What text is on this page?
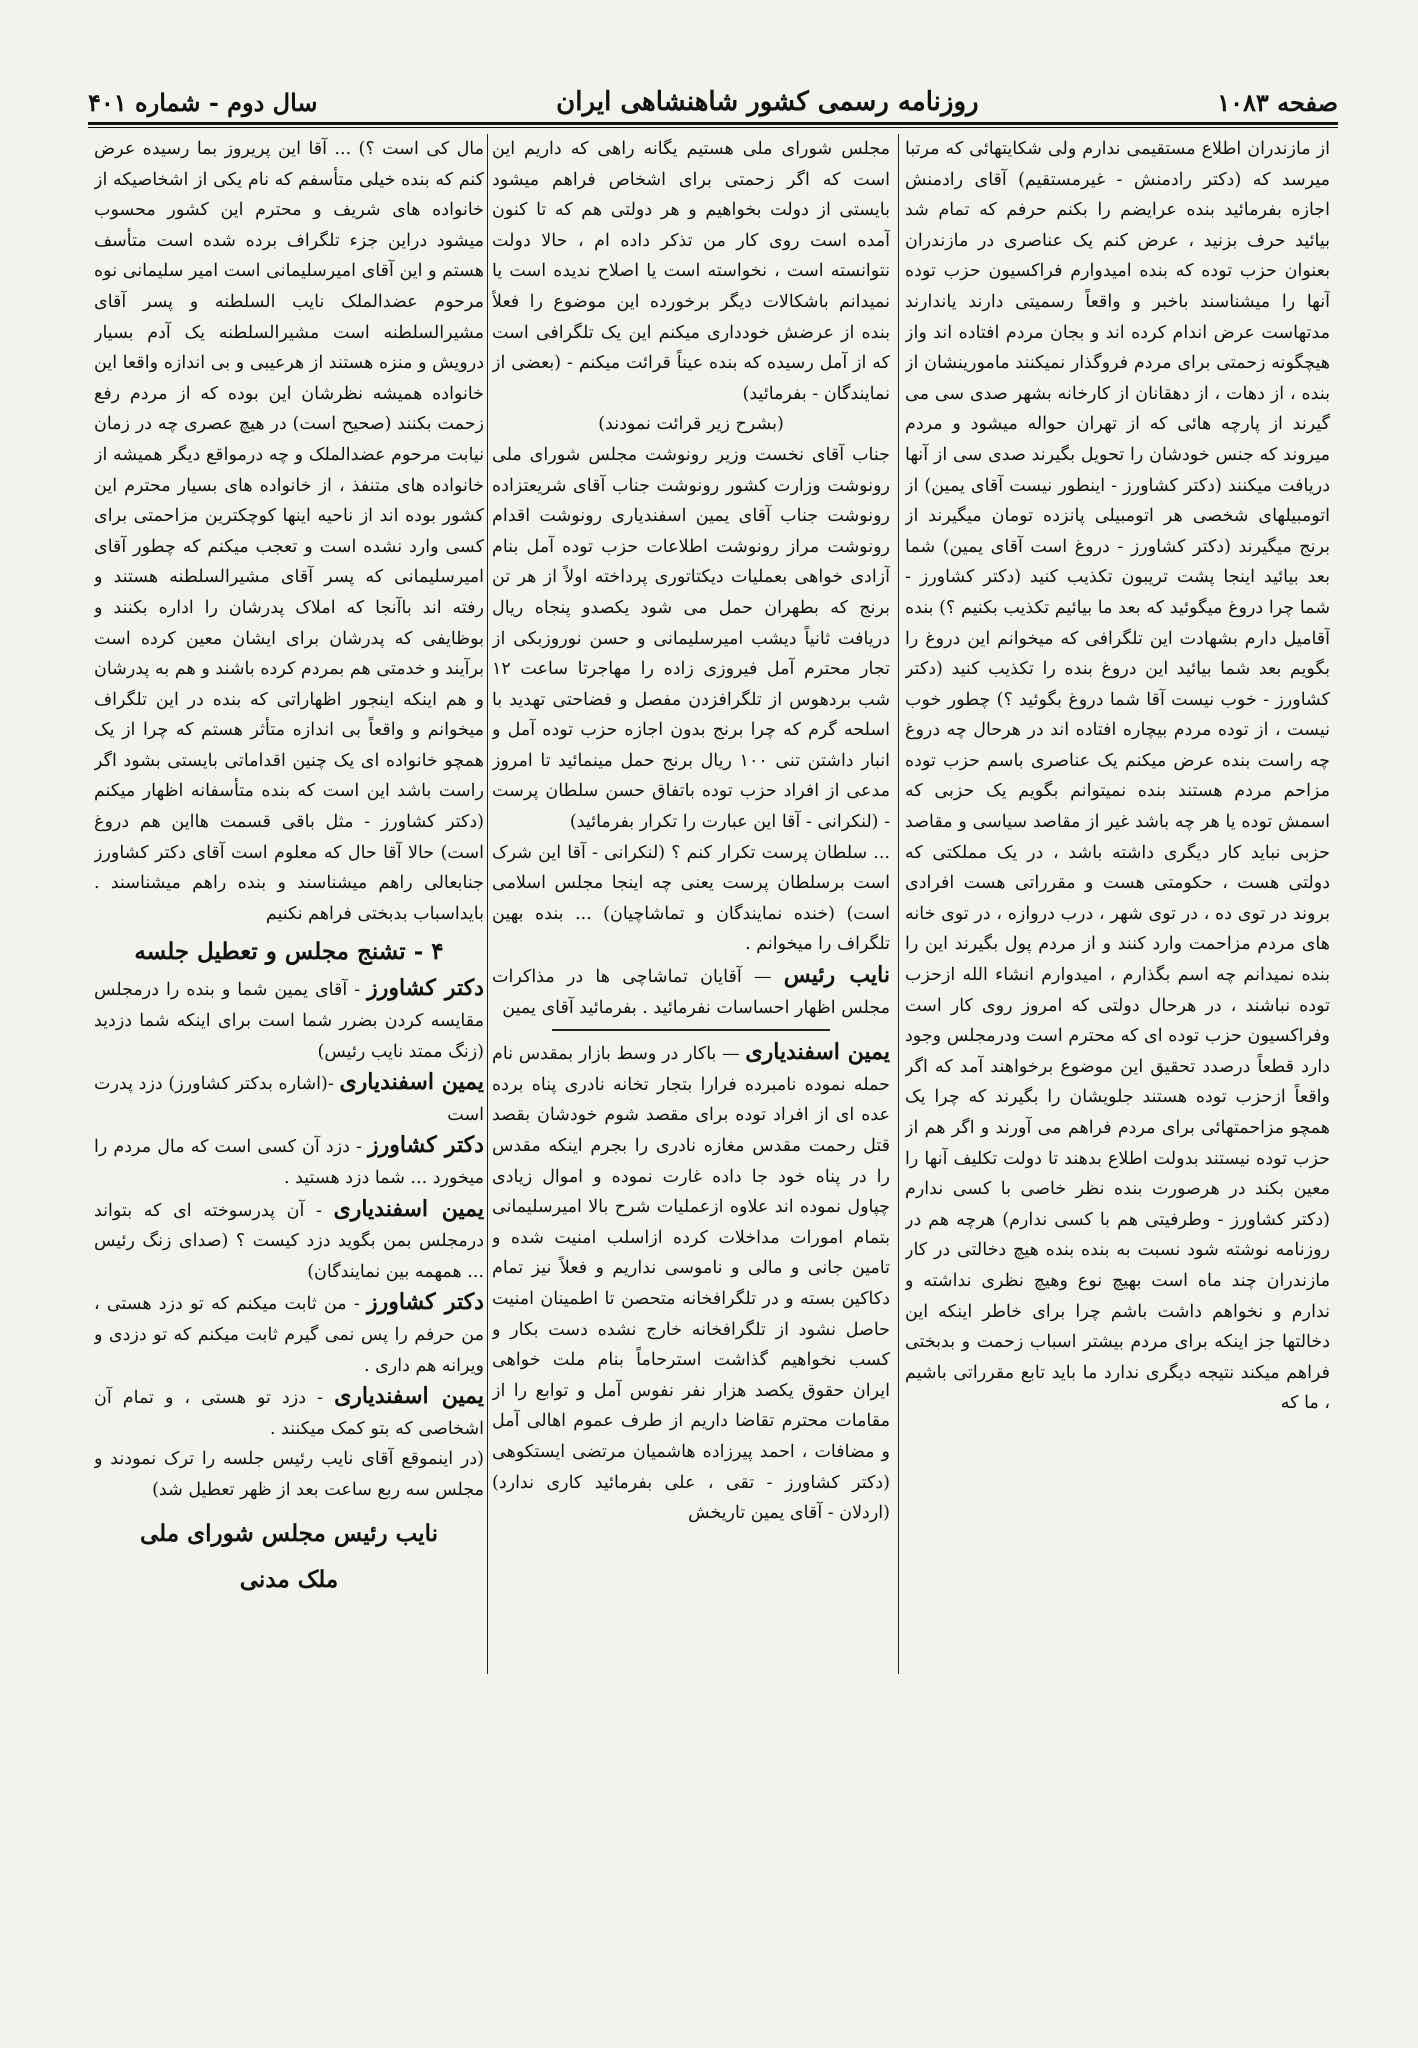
صفحه ۱۰۸۳
روزنامه رسمی کشور شاهنشاهی ایران
سال دوم - شماره ۴۰۱

از مازندران اطلاع مستقیمی ندارم ولی شکایتهائی که مرتبا میرسد که (دکتر رادمنش - غیرمستقیم) آقای رادمنش اجازه بفرمائید بنده عرایضم را بکنم حرفم که تمام شد بیائید حرف بزنید ، عرض کنم یک عناصری در مازندران بعنوان حزب توده که بنده امیدوارم فراکسیون حزب توده آنها را میشناسند باخبر و واقعاً رسمیتی دارند یاندارند مدتهاست عرض اندام کرده اند و بجان مردم افتاده اند واز هیچگونه زحمتی برای مردم فروگذار نمیکنند مامورینشان از بنده ، از دهات ، از دهقانان از کارخانه بشهر صدی سی می گیرند از پارچه هائی که از تهران حواله میشود و مردم میروند که جنس خودشان را تحویل بگیرند صدی سی از آنها دریافت میکنند (دکتر کشاورز - اینطور نیست آقای یمین) از اتومبیلهای شخصی هر اتومبیلی پانزده تومان میگیرند از برنج میگیرند (دکتر کشاورز - دروغ است آقای یمین) شما بعد بیائید اینجا پشت تریبون تکذیب کنید (دکتر کشاورز - شما چرا دروغ میگوئید که بعد ما بیائیم تکذیب بکنیم ؟) بنده آقامیل دارم بشهادت این تلگرافی که میخوانم این دروغ را بگویم بعد شما بیائید این دروغ بنده را تکذیب کنید (دکتر کشاورز - خوب نیست آقا شما دروغ بگوئید ؟) چطور خوب نیست ، از توده مردم بیچاره افتاده اند در هرحال چه دروغ چه راست بنده عرض میکنم یک عناصری باسم حزب توده مزاحم مردم هستند بنده نمیتوانم بگویم یک حزبی که اسمش توده یا هر چه باشد غیر از مقاصد سیاسی و مقاصد حزبی نباید کار دیگری داشته باشد ، در یک مملکتی که دولتی هست ، حکومتی هست و مقرراتی هست افرادی بروند در توی ده ، در توی شهر ، درب دروازه ، در توی خانه های مردم مزاحمت وارد کنند و از مردم پول بگیرند این را بنده نمیدانم چه اسم بگذارم ، امیدوارم انشاء الله ازحزب توده نباشند ، در هرحال دولتی که امروز روی کار است وفراکسیون حزب توده ای که محترم است ودرمجلس وجود دارد قطعاً درصدد تحقیق این موضوع برخواهند آمد که اگر واقعاً ازحزب توده هستند جلویشان را بگیرند که چرا یک همچو مزاحمتهائی برای مردم فراهم می آورند و اگر هم از حزب توده نیستند بدولت اطلاع بدهند تا دولت تکلیف آنها را معین بکند در هرصورت بنده نظر خاصی با کسی ندارم (دکتر کشاورز - وطرفیتی هم با کسی ندارم) هرچه هم در روزنامه نوشته شود نسبت به بنده بنده هیچ دخالتی در کار مازندران چند ماه است بهیچ نوع وهیچ نظری نداشته و ندارم و نخواهم داشت باشم چرا برای خاطر اینکه این دخالتها جز اینکه برای مردم بیشتر اسباب زحمت و بدبختی فراهم میکند نتیجه دیگری ندارد ما باید تابع مقرراتی باشیم ، ما که

مجلس شورای ملی هستیم یگانه راهی که داریم این است که اگر زحمتی برای اشخاص فراهم میشود بایستی از دولت بخواهیم و هر دولتی هم که تا کنون آمده است روی کار من تذکر داده ام ، حالا دولت نتوانسته است ، نخواسته است یا اصلاح ندیده است یا نمیدانم باشکالات دیگر برخورده این موضوع را فعلاً بنده از عرضش خودداری میکنم این یک تلگرافی است که از آمل رسیده که بنده عیناً قرائت میکنم - (بعضی از نمایندگان - بفرمائید)

(بشرح زیر قرائت نمودند)

جناب آقای نخست وزیر رونوشت مجلس شورای ملی رونوشت وزارت کشور رونوشت جناب آقای شریعتزاده رونوشت جناب آقای یمین اسفندیاری رونوشت اقدام رونوشت مراز رونوشت اطلاعات حزب توده آمل بنام آزادی خواهی بعملیات دیکتاتوری پرداخته اولاً از هر تن برنج که بطهران حمل می شود یکصدو پنجاه ریال دریافت ثانیاً دیشب امیرسلیمانی و حسن نوروزبکی از تجار محترم آمل فیروزی زاده را مهاجرتا ساعت ۱۲ شب بردهوس از تلگرافزدن مفصل و فضاحتی تهدید با اسلحه گرم که چرا برنج بدون اجازه حزب توده آمل و انبار داشتن تنی ۱۰۰ ریال برنج حمل مینمائید تا امروز مدعی از افراد حزب توده باتفاق حسن سلطان پرست - (لنکرانی - آقا این عبارت را تکرار بفرمائید)

... سلطان پرست تکرار کنم ؟ (لنکرانی - آقا این شرک است برسلطان پرست یعنی چه اینجا مجلس اسلامی است) (خنده نمایندگان و تماشاچیان) ... بنده بهین تلگراف را میخوانم .

نایب رئیس — آقایان تماشاچی ها در مذاکرات مجلس اظهار احساسات نفرمائید . بفرمائید آقای یمین

یمین اسفندیاری — باکار در وسط بازار بمقدس نام حمله نموده نامبرده فرارا بتجار تخانه نادری پناه برده عده ای از افراد توده برای مقصد شوم خودشان بقصد قتل رحمت مقدس مغازه نادری را بجرم اینکه مقدس را در پناه خود جا داده غارت نموده و اموال زیادی چپاول نموده اند علاوه ازعملیات شرح بالا امیرسلیمانی بتمام امورات مداخلات کرده ازاسلب امنیت شده و تامین جانی و مالی و ناموسی نداریم و فعلاً نیز تمام دکاکین بسته و در تلگرافخانه متحصن تا اطمینان امنیت حاصل نشود از تلگرافخانه خارج نشده دست بکار و کسب نخواهیم گذاشت استرحاماً بنام ملت خواهی ایران حقوق یکصد هزار نفر نفوس آمل و توابع را از مقامات محترم تقاضا داریم از طرف عموم اهالی آمل و مضافات ، احمد پیرزاده هاشمیان مرتضی ایستکوهی (دکتر کشاورز - تقی ، علی بفرمائید کاری ندارد) (اردلان - آقای یمین تاریخش

مال کی است ؟) ... آقا این پریروز بما رسیده عرض کنم که بنده خیلی متأسفم که نام یکی از اشخاصیکه از خانواده های شریف و محترم این کشور محسوب میشود دراین جزء تلگراف برده شده است متأسف هستم و این آقای امیرسلیمانی است امیر سلیمانی نوه مرحوم عضدالملک نایب السلطنه و پسر آقای مشیرالسلطنه است مشیرالسلطنه یک آدم بسیار درویش و منزه هستند از هرعیبی و بی اندازه واقعا این خانواده همیشه نظرشان این بوده که از مردم رفع زحمت بکنند (صحیح است) در هیچ عصری چه در زمان نیابت مرحوم عضدالملک و چه درمواقع دیگر همیشه از خانواده های متنفذ ، از خانواده های بسیار محترم این کشور بوده اند از ناحیه اینها کوچکترین مزاحمتی برای کسی وارد نشده است و تعجب میکنم که چطور آقای امیرسلیمانی که پسر آقای مشیرالسلطنه هستند و رفته اند باآنجا که املاک پدرشان را اداره بکنند و بوظایفی که پدرشان برای ایشان معین کرده است برآیند و خدمتی هم بمردم کرده باشند و هم به پدرشان و هم اینکه اینجور اظهاراتی که بنده در این تلگراف میخوانم و واقعاً بی اندازه متأثر هستم که چرا از یک همچو خانواده ای یک چنین اقداماتی بایستی بشود اگر راست باشد این است که بنده متأسفانه اظهار میکنم (دکتر کشاورز - مثل باقی قسمت هااین هم دروغ است) حالا آقا حال که معلوم است آقای دکتر کشاورز جنابعالی راهم میشناسند و بنده راهم میشناسند . بایداسباب بدبختی فراهم نکنیم

۴ - تشنج مجلس و تعطیل جلسه

دکتر کشاورز - آقای یمین شما و بنده را درمجلس مقایسه کردن بضرر شما است برای اینکه شما دزدید (زنگ ممتد نایب رئیس)

یمین اسفندیاری -(اشاره بدکتر کشاورز) دزد پدرت است

دکتر کشاورز - دزد آن کسی است که مال مردم را میخورد ... شما دزد هستید .

یمین اسفندیاری - آن پدرسوخته ای که بتواند درمجلس بمن بگوید دزد کیست ؟ (صدای زنگ رئیس ... همهمه بین نمایندگان)

دکتر کشاورز - من ثابت میکنم که تو دزد هستی ، من حرفم را پس نمی گیرم ثابت میکنم که تو دزدی و ویرانه هم داری .

یمین اسفندیاری - دزد تو هستی ، و تمام آن اشخاصی که بتو کمک میکنند .

(در اینموقع آقای نایب رئیس جلسه را ترک نمودند و مجلس سه ربع ساعت بعد از ظهر تعطیل شد)

نایب رئیس مجلس شورای ملی
ملک مدنی
